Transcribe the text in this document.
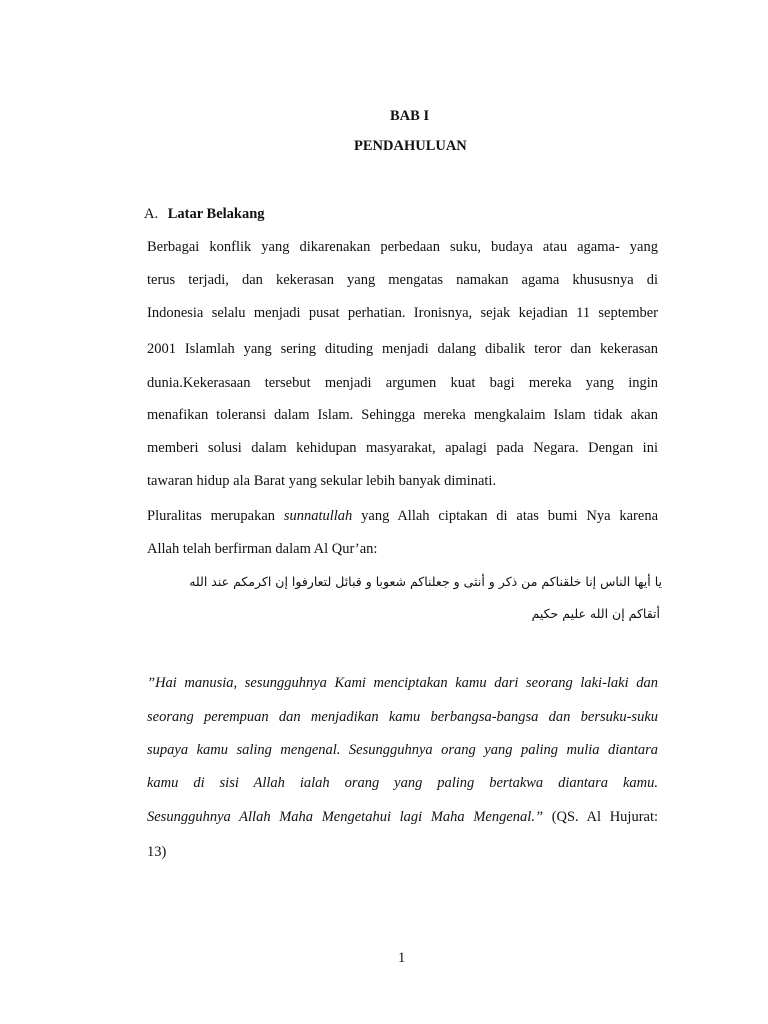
BAB I
PENDAHULUAN
A. Latar Belakang
Berbagai konflik yang dikarenakan perbedaan suku, budaya atau agama- yang
terus terjadi, dan kekerasan yang mengatas namakan agama khususnya di
Indonesia selalu menjadi pusat perhatian. Ironisnya, sejak kejadian 11 september
2001 Islamlah yang sering dituding menjadi dalang dibalik teror dan kekerasan
dunia.Kekerasaan tersebut menjadi argumen kuat bagi mereka yang ingin
menafikan toleransi dalam Islam. Sehingga mereka mengkalaim Islam tidak akan
memberi solusi dalam kehidupan masyarakat, apalagi pada Negara. Dengan ini
tawaran hidup ala Barat yang sekular lebih banyak diminati.
Pluralitas merupakan sunnatullah yang Allah ciptakan di atas bumi Nya karena
Allah telah berfirman dalam Al Qur’an:
يا أيها الناس إنا خلقناكم من ذكر و أنثى و جعلناكم شعوبا و قبائل لتعارفوا إن اكرمكم عند الله
أتقاكم إن الله عليم حكيم
”Hai manusia, sesungguhnya Kami menciptakan kamu dari seorang laki-laki dan
seorang perempuan dan menjadikan kamu berbangsa-bangsa dan bersuku-suku
supaya kamu saling mengenal. Sesungguhnya orang yang paling mulia diantara
kamu di sisi Allah ialah orang yang paling bertakwa diantara kamu.
Sesungguhnya Allah Maha Mengetahui lagi Maha Mengenal.” (QS. Al Hujurat:
13)
1
